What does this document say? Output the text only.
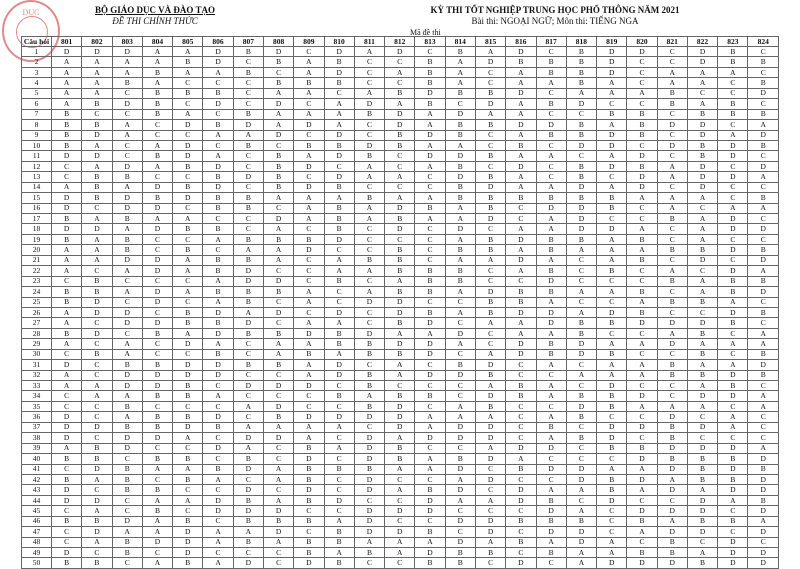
DỤC	BỘ GIÁO DỤC VÀ ĐÀO TẠO
ĐỀ THI CHÍNH THỨC
KỲ THI TỐT NGHIỆP TRUNG HỌC PHỔ THÔNG NĂM 2021
Bài thi: NGOẠI NGỮ; Môn thi: TIẾNG NGA
Mã đề thi
Câu hỏi	801	802	803	804	805	806	807	808	809	810	811	812	813	814	815	816	817	818	819	820	821	822	823	824
1	D	D	D	A	A	D	B	D	C	D	A	D	C	B	A	D	C	B	D	D	C	D	B	C
2	A	A	A	A	B	D	C	B	A	B	C	C	B	A	D	B	B	B	D	C	C	D	B	B
3	A	A	A	B	A	A	B	C	A	D	C	A	B	A	C	A	B	B	D	C	A	A	A	C
4	A	A	B	A	C	C	C	B	B	B	C	C	B	A	C	A	A	B	A	C	A	A	C	B
5	A	A	C	B	B	B	C	A	A	C	A	B	D	B	B	D	C	A	A	A	B	C	C	D
6	A	B	D	B	C	D	C	D	C	A	D	A	B	C	D	A	B	D	C	C	B	A	B	C
7	B	C	C	B	A	C	B	A	A	A	B	D	A	D	A	A	C	C	B	B	C	B	B	B
8	B	B	A	C	D	B	D	A	D	A	C	D	A	B	B	D	D	B	A	B	D	D	C	A
9	B	D	A	C	C	A	A	D	C	D	C	B	D	B	C	A	B	B	D	B	C	D	A	D
10	B	A	C	A	D	C	B	C	B	B	D	B	A	A	C	B	C	D	D	C	D	B	D	B
11	D	D	C	B	D	A	C	B	A	D	B	C	D	D	B	A	A	C	A	D	C	B	D	C
12	C	A	D	A	B	D	C	B	D	C	A	C	A	B	C	D	C	B	D	B	A	D	C	D
13	C	B	B	C	C	B	D	B	C	D	A	A	C	D	B	A	C	B	C	D	A	D	D	A
14	A	B	A	D	B	D	C	B	D	B	C	C	C	B	D	A	A	D	A	D	C	D	C	C
15	D	B	D	B	D	B	B	A	A	A	B	A	A	B	B	B	B	B	B	A	A	A	C	B
16	D	C	D	D	C	B	B	C	A	B	A	D	B	A	B	C	D	D	B	C	A	C	A	A
17	B	A	B	A	A	C	C	D	A	B	A	B	A	A	D	C	A	D	C	C	B	A	D	C
18	D	D	A	D	B	B	C	A	C	B	C	D	C	D	C	A	A	D	D	A	C	A	D	D
19	B	A	B	C	C	A	B	B	B	D	C	C	C	A	B	D	B	B	A	B	C	A	C	C
20	A	A	B	C	B	C	A	A	D	C	C	B	C	B	B	A	B	A	A	A	B	B	D	B
21	A	A	D	D	A	B	B	A	C	A	B	B	C	A	A	D	A	C	A	B	C	D	C	D
22	A	C	A	D	A	B	D	C	C	A	A	B	B	B	C	A	B	C	B	C	A	C	D	A
23	C	B	C	C	C	A	D	D	C	B	C	A	B	B	C	C	D	C	C	C	B	A	B	B
24	B	B	A	D	A	B	B	B	A	C	A	B	B	A	D	B	B	A	A	B	C	A	B	D
25	B	D	C	D	C	A	B	C	A	C	D	D	C	C	B	B	A	C	C	A	B	B	A	C
26	A	D	D	C	B	D	A	D	C	D	C	D	B	A	B	D	D	A	D	B	C	C	D	B
27	A	C	D	D	B	B	D	C	A	A	C	B	D	C	A	A	D	B	B	D	D	D	B	C
28	B	D	C	B	A	D	B	B	D	B	D	A	A	D	C	A	A	B	C	C	A	B	C	A
29	A	C	A	C	D	A	C	A	A	B	B	D	D	A	C	D	B	D	A	A	D	A	A	A
30	C	B	A	C	C	B	C	A	B	A	B	B	D	C	A	D	B	D	B	C	C	B	C	B
31	D	C	B	B	D	D	B	B	A	D	C	A	C	B	D	C	A	C	A	A	B	A	A	D
32	A	C	D	D	D	D	C	C	A	D	B	A	D	D	B	C	C	A	A	A	B	B	D	B
33	A	A	D	D	B	C	D	D	D	C	B	C	C	C	A	B	A	C	D	C	C	A	B	C
34	C	A	A	B	B	A	C	C	C	B	A	B	B	C	D	B	A	B	B	D	C	D	D	A
35	C	C	B	C	C	C	A	D	C	C	B	D	C	A	B	C	C	D	B	A	A	A	C	A
36	D	C	A	B	B	D	C	B	D	D	D	D	A	A	A	C	A	B	C	C	D	C	A	C
37	D	D	B	B	D	B	A	A	A	A	C	D	A	D	D	C	B	C	D	D	B	D	A	C
38	D	C	D	D	A	C	D	D	A	C	D	A	D	D	D	C	A	B	D	C	B	C	C	C
39	A	B	D	C	C	D	A	C	B	A	D	B	C	C	A	D	D	C	B	B	D	D	D	A
40	B	B	C	B	B	C	B	C	D	C	D	B	A	B	D	A	C	C	C	D	B	B	B	D
41	C	D	B	A	A	B	D	A	B	B	B	A	A	D	C	B	D	D	A	A	D	B	D	B
42	B	A	B	C	B	A	C	A	B	C	D	C	C	A	D	C	C	D	B	D	A	B	B	D
43	D	C	B	B	C	C	D	C	D	C	D	A	B	D	C	D	A	A	B	A	D	A	D	D
44	D	D	C	A	A	D	B	A	B	D	C	C	D	A	A	D	B	C	D	C	C	D	A	B
45	C	A	C	B	C	D	D	D	C	C	D	D	D	C	C	C	D	A	C	D	D	D	C	D
46	B	B	D	A	B	C	B	B	B	A	D	C	C	D	D	B	B	B	C	B	A	B	B	A
47	C	D	A	A	D	A	A	D	C	B	D	D	B	C	D	C	D	D	C	A	D	D	C	D
48	C	A	B	D	D	A	B	A	B	B	A	A	A	D	A	B	A	D	A	C	B	C	D	C
49	D	C	B	C	D	C	C	C	B	A	B	A	D	B	B	C	B	A	A	B	B	A	D	D
50	B	B	C	A	B	A	D	C	D	B	C	C	B	B	C	D	C	A	D	D	D	B	D	D
